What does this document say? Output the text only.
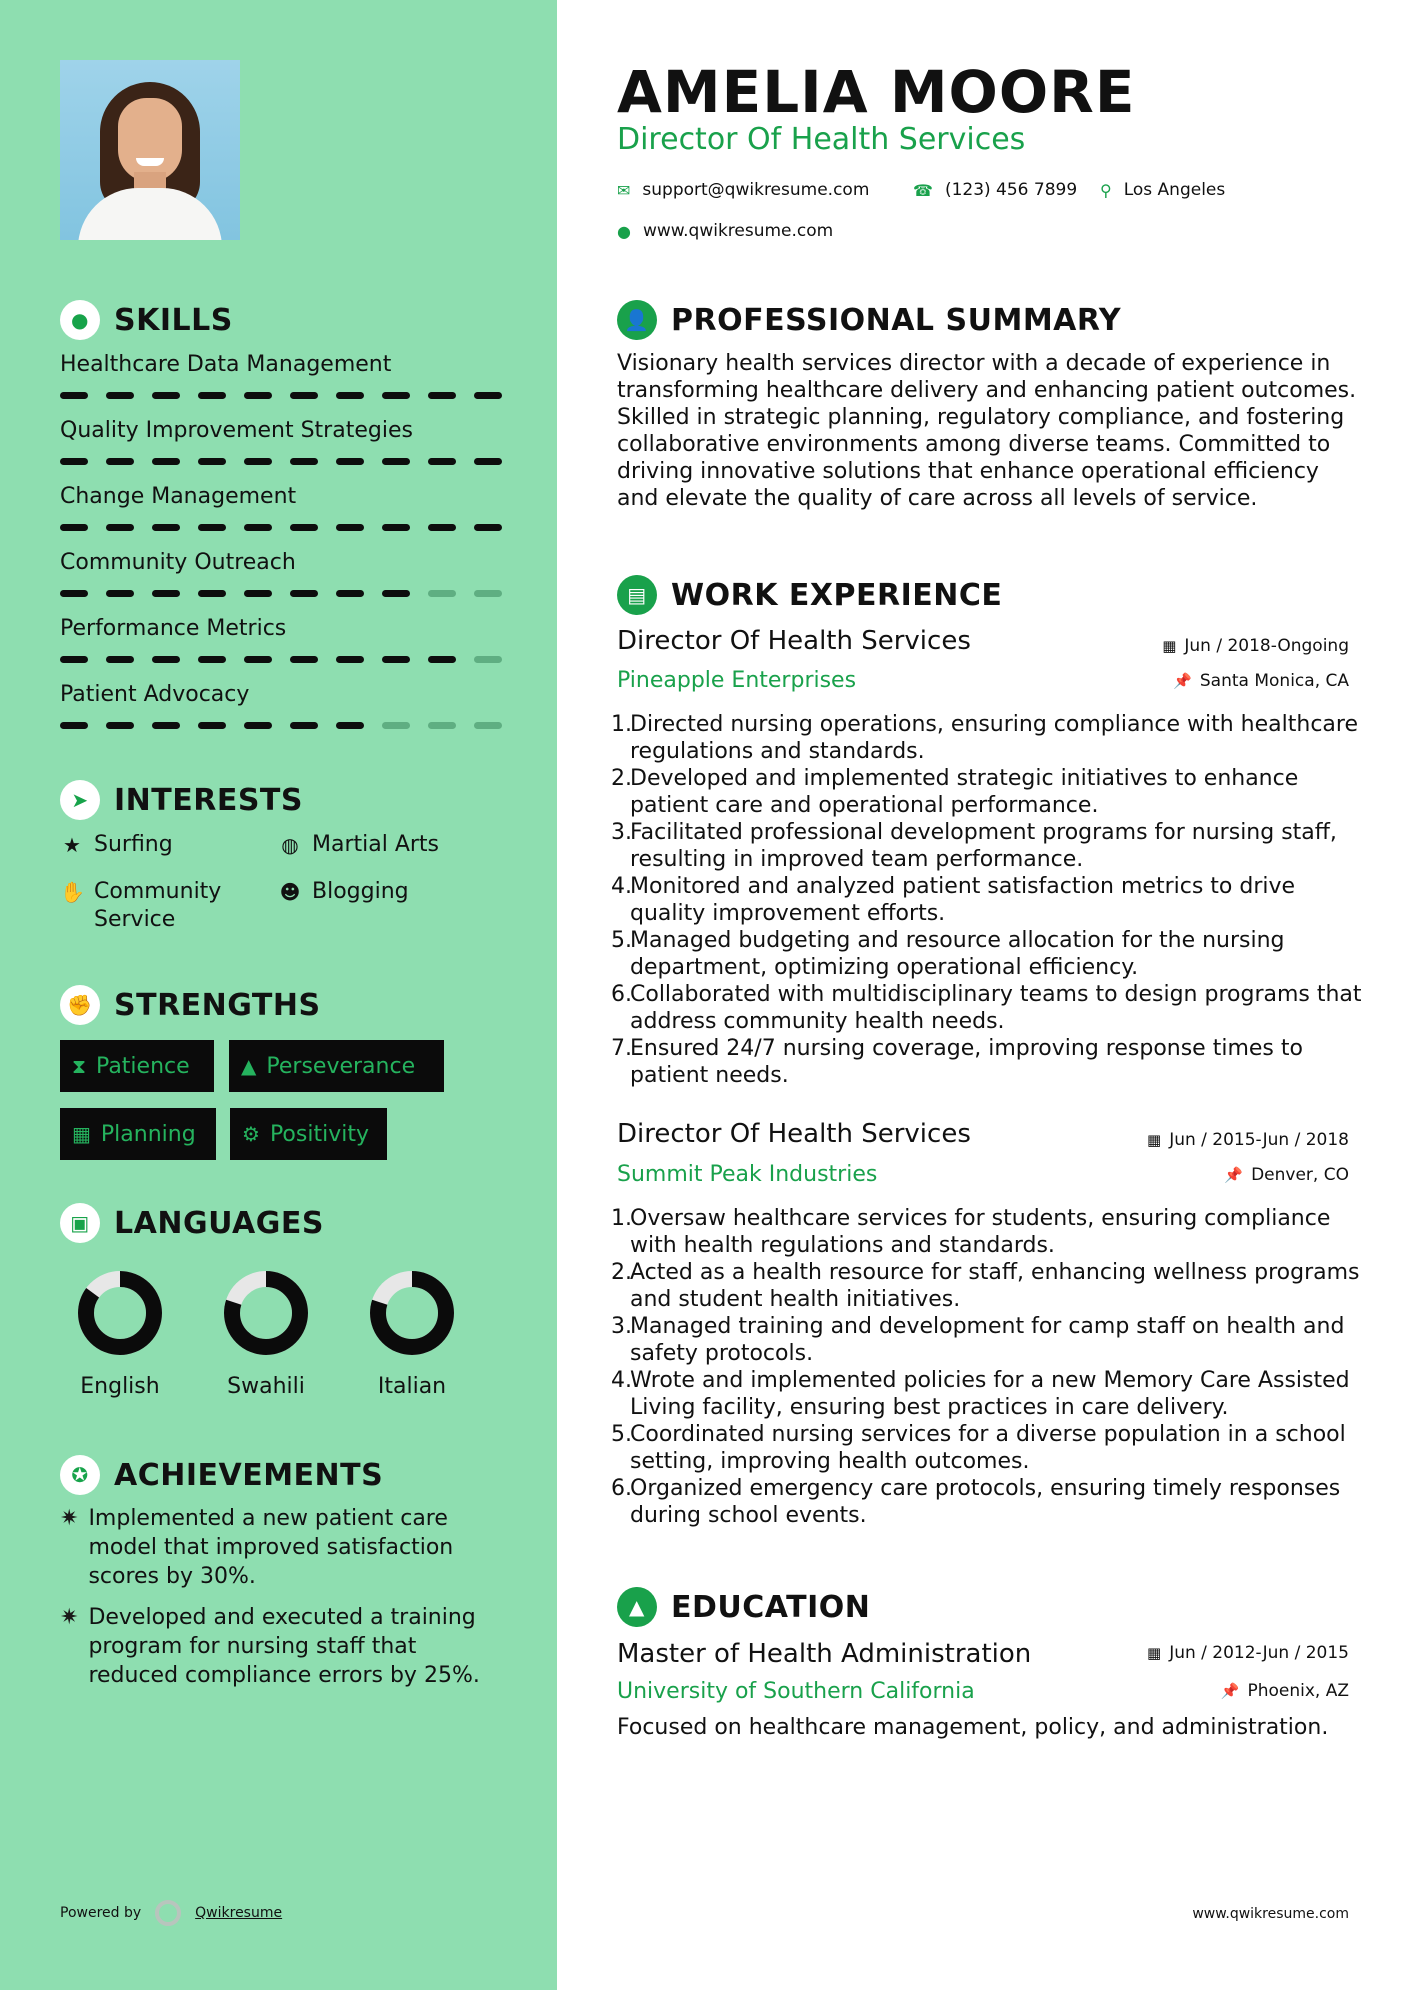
● SKILLS
Healthcare Data Management
Quality Improvement Strategies
Change Management
Community Outreach
Performance Metrics
Patient Advocacy
➤ INTERESTS
★ Surfing	◍ Martial Arts
✋ Community Service
☻ Blogging
✊ STRENGTHS
⧗ Patience	▲ Perseverance
▦ Planning ⚙ Positivity
▣ LANGUAGES
English	Swahili	Italian
✪ ACHIEVEMENTS
✷ Implemented a new patient care model that improved satisfaction scores by 30%.
✷ Developed and executed a training program for nursing staff that reduced compliance errors by 25%.
Powered by	Qwikresume
AMELIA MOORE
Director Of Health Services
✉ support@qwikresume.com	☎ (123) 456 7899 ⚲ Los Angeles
● www.qwikresume.com
👤 PROFESSIONAL SUMMARY
Visionary health services director with a decade of experience in transforming healthcare delivery and enhancing patient outcomes. Skilled in strategic planning, regulatory compliance, and fostering collaborative environments among diverse teams. Committed to driving innovative solutions that enhance operational efficiency and elevate the quality of care across all levels of service.
▤ WORK EXPERIENCE
Director Of Health Services	▦ Jun / 2018-Ongoing
Pineapple Enterprises	📌 Santa Monica, CA
1.
Directed nursing operations, ensuring compliance with healthcare regulations and standards.
2.
Developed and implemented strategic initiatives to enhance patient care and operational performance.
3.
Facilitated professional development programs for nursing staff, resulting in improved team performance.
4.
Monitored and analyzed patient satisfaction metrics to drive quality improvement efforts.
5.
Managed budgeting and resource allocation for the nursing department, optimizing operational efficiency.
6.
Collaborated with multidisciplinary teams to design programs that address community health needs.
7.
Ensured 24/7 nursing coverage, improving response times to patient needs.
Director Of Health Services	▦ Jun / 2015-Jun / 2018
Summit Peak Industries	📌 Denver, CO
1.
Oversaw healthcare services for students, ensuring compliance with health regulations and standards.
2.
Acted as a health resource for staff, enhancing wellness programs and student health initiatives.
3.
Managed training and development for camp staff on health and safety protocols.
4.
Wrote and implemented policies for a new Memory Care Assisted Living facility, ensuring best practices in care delivery.
5.
Coordinated nursing services for a diverse population in a school setting, improving health outcomes.
6.
Organized emergency care protocols, ensuring timely responses during school events.
▲ EDUCATION
Master of Health Administration	▦ Jun / 2012-Jun / 2015
University of Southern California	📌 Phoenix, AZ
Focused on healthcare management, policy, and administration.
www.qwikresume.com
